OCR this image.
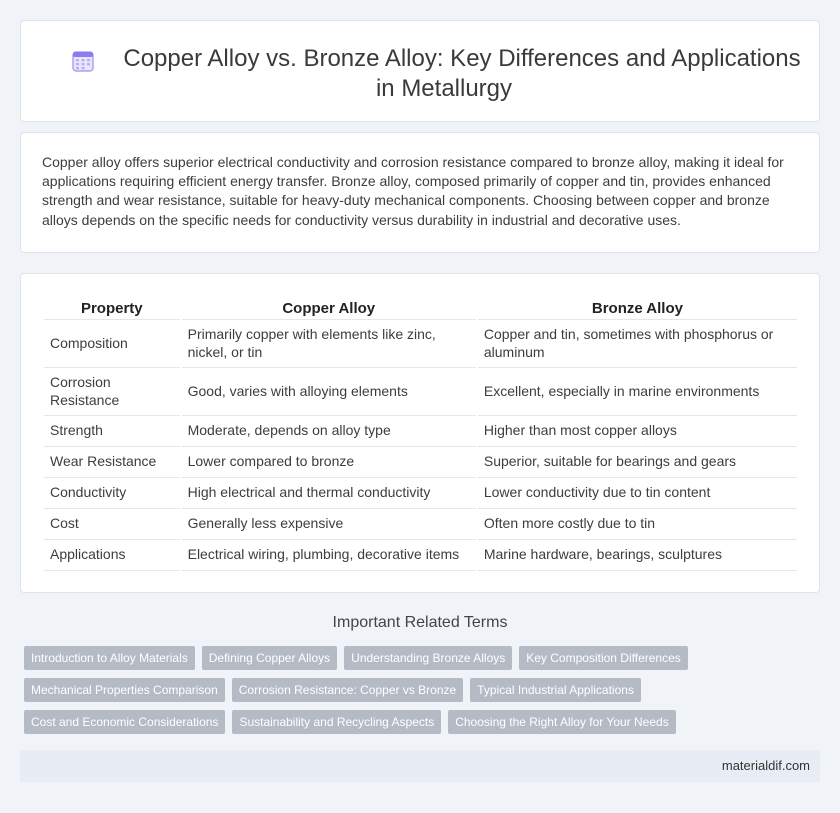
Copper Alloy vs. Bronze Alloy: Key Differences and Applications in Metallurgy

Copper alloy offers superior electrical conductivity and corrosion resistance compared to bronze alloy, making it ideal for applications requiring efficient energy transfer. Bronze alloy, composed primarily of copper and tin, provides enhanced strength and wear resistance, suitable for heavy-duty mechanical components. Choosing between copper and bronze alloys depends on the specific needs for conductivity versus durability in industrial and decorative uses.

Property	Copper Alloy	Bronze Alloy
Composition	Primarily copper with elements like zinc, nickel, or tin	Copper and tin, sometimes with phosphorus or aluminum
Corrosion Resistance	Good, varies with alloying elements	Excellent, especially in marine environments
Strength	Moderate, depends on alloy type	Higher than most copper alloys
Wear Resistance	Lower compared to bronze	Superior, suitable for bearings and gears
Conductivity	High electrical and thermal conductivity	Lower conductivity due to tin content
Cost	Generally less expensive	Often more costly due to tin
Applications	Electrical wiring, plumbing, decorative items	Marine hardware, bearings, sculptures
Important Related Terms
Introduction to Alloy Materials	Defining Copper Alloys	Understanding Bronze Alloys	Key Composition Differences
Mechanical Properties Comparison	Corrosion Resistance: Copper vs Bronze	Typical Industrial Applications
Cost and Economic Considerations	Sustainability and Recycling Aspects	Choosing the Right Alloy for Your Needs
materialdif.com
